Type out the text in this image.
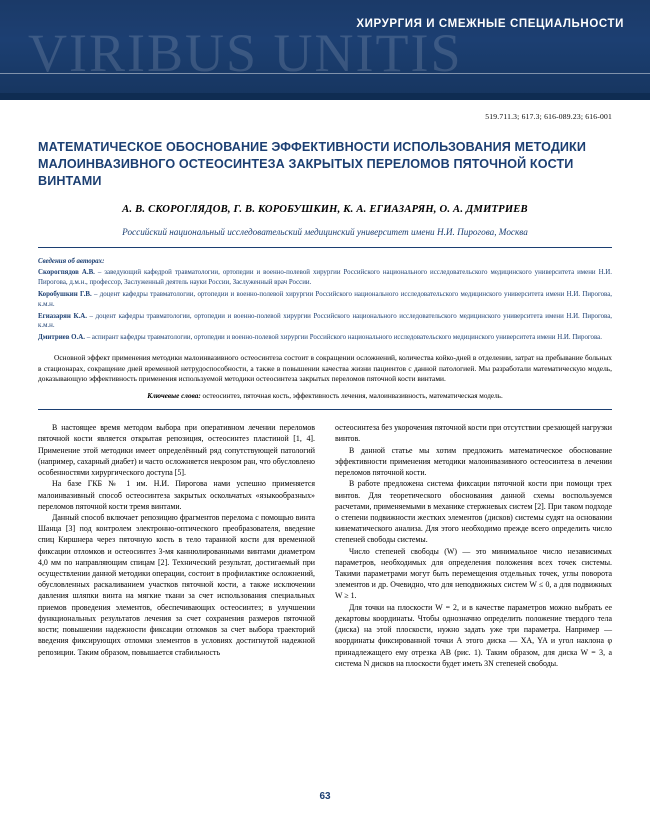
VIRIBUS UNITIS
ХИРУРГИЯ И СМЕЖНЫЕ СПЕЦИАЛЬНОСТИ
519.711.3; 617.3; 616-089.23; 616-001
МАТЕМАТИЧЕСКОЕ ОБОСНОВАНИЕ ЭФФЕКТИВНОСТИ ИСПОЛЬЗОВАНИЯ МЕТОДИКИ МАЛОИНВАЗИВНОГО ОСТЕОСИНТЕЗА ЗАКРЫТЫХ ПЕРЕЛОМОВ ПЯТОЧНОЙ КОСТИ ВИНТАМИ
А. В. СКОРОГЛЯДОВ, Г. В. КОРОБУШКИН, К. А. ЕГИАЗАРЯН, О. А. ДМИТРИЕВ
Российский национальный исследовательский медицинский университет имени Н.И. Пирогова, Москва
Сведения об авторах:
Скорогпядов А.В. – заведующий кафедрой травматологии, ортопедии и военно-полевой хирургии Российского национального исследовательского медицинского университета имени Н.И. Пирогова, д.м.н., профессор, Заслуженный деятель науки России, Заслуженный врач России.
Коробушкин Г.В. – доцент кафедры травматологии, ортопедии и военно-полевой хирургии Российского национального исследовательского медицинского университета имени Н.И. Пирогова, к.м.н.
Егиазарян К.А. – доцент кафедры травматологии, ортопедии и военно-полевой хирургии Российского национального исследовательского медицинского университета имени Н.И. Пирогова, к.м.н.
Дмитриев О.А. – аспирант кафедры травматологии, ортопедии и военно-полевой хирургии Российского национального исследовательского медицинского университета имени Н.И. Пирогова.
Основной эффект применения методики малоинвазивного остеосинтеза состоит в сокращении осложнений, количества койко-дней в отделении, затрат на пребывание больных в стационарах, сокращение дней временной нетрудоспособности, а также в повышении качества жизни пациентов с данной патологией. Мы разработали математическую модель, доказывающую эффективность применения используемой методики остеосинтеза закрытых переломов пяточной кости винтами.
Ключевые слова: остеосинтез, пяточная кость, эффективность лечения, малоинвазивность, математическая модель.

В настоящее время методом выбора при оперативном лечении переломов пяточной кости является открытая репозиция, остеосинтез пластиной [1, 4]. Применение этой методики имеет определённый ряд сопутствующей патологий (например, сахарный диабет) и часто осложняется некрозом ран, что обусловлено особенностями хирургического доступа [5].

На базе ГКБ № 1 им. Н.И. Пирогова нами успешно применяется малоинвазивный способ остеосинтеза закрытых оскольчатых «языкообразных» переломов пяточной кости тремя винтами.

Данный способ включает репозицию фрагментов перелома с помощью винта Шанца [3] под контролем электронно-оптического преобразователя, введение спиц Киршнера через пяточную кость в тело таранной кости для временной фиксации отломков и остеосинтез 3-мя каннюлированными винтами диаметром 4,0 мм по направляющим спицам [2]. Технический результат, достигаемый при осуществлении данной методики операции, состоит в профилактике осложнений, обусловленных раскаливанием участков пяточной кости, а также исключении давления шляпки винта на мягкие ткани за счет использования специальных приемов проведения элементов, обеспечивающих остеосинтез; в улучшении функциональных результатов лечения за счет сохранения размеров пяточной кости; повышении надежности фиксации отломков за счет выбора траекторий введения фиксирующих отломки элементов в условиях достигнутой надежной репозиции. Таким образом, повышается стабильность

остеосинтеза без укорочения пяточной кости при отсутствии срезающей нагрузки винтов.

В данной статье мы хотим предложить математическое обоснование эффективности применения методики малоинвазивного остеосинтеза в лечении переломов пяточной кости.

В работе предложена система фиксации пяточной кости при помощи трех винтов. Для теоретического обоснования данной схемы воспользуемся расчетами, применяемыми в механике стержневых систем [2]. При таком подходе о степени подвижности жестких элементов (дисков) системы судят на основании кинематического анализа. Для этого необходимо прежде всего определить число степеней свободы системы.

Число степеней свободы (W) — это минимальное число независимых параметров, необходимых для определения положения всех точек системы. Такими параметрами могут быть перемещения отдельных точек, углы поворота элементов и др. Очевидно, что для неподвижных систем W ≤ 0, а для подвижных W ≥ 1.

Для точки на плоскости W = 2, и в качестве параметров можно выбрать ее декартовы координаты. Чтобы однозначно определить положение твердого тела (диска) на этой плоскости, нужно задать уже три параметра. Например — координаты фиксированной точки А этого диска — XA, YA и угол наклона φ принадлежащего ему отрезка АВ (рис. 1). Таким образом, для диска W = 3, а система N дисков на плоскости будет иметь 3N степеней свободы.

63
